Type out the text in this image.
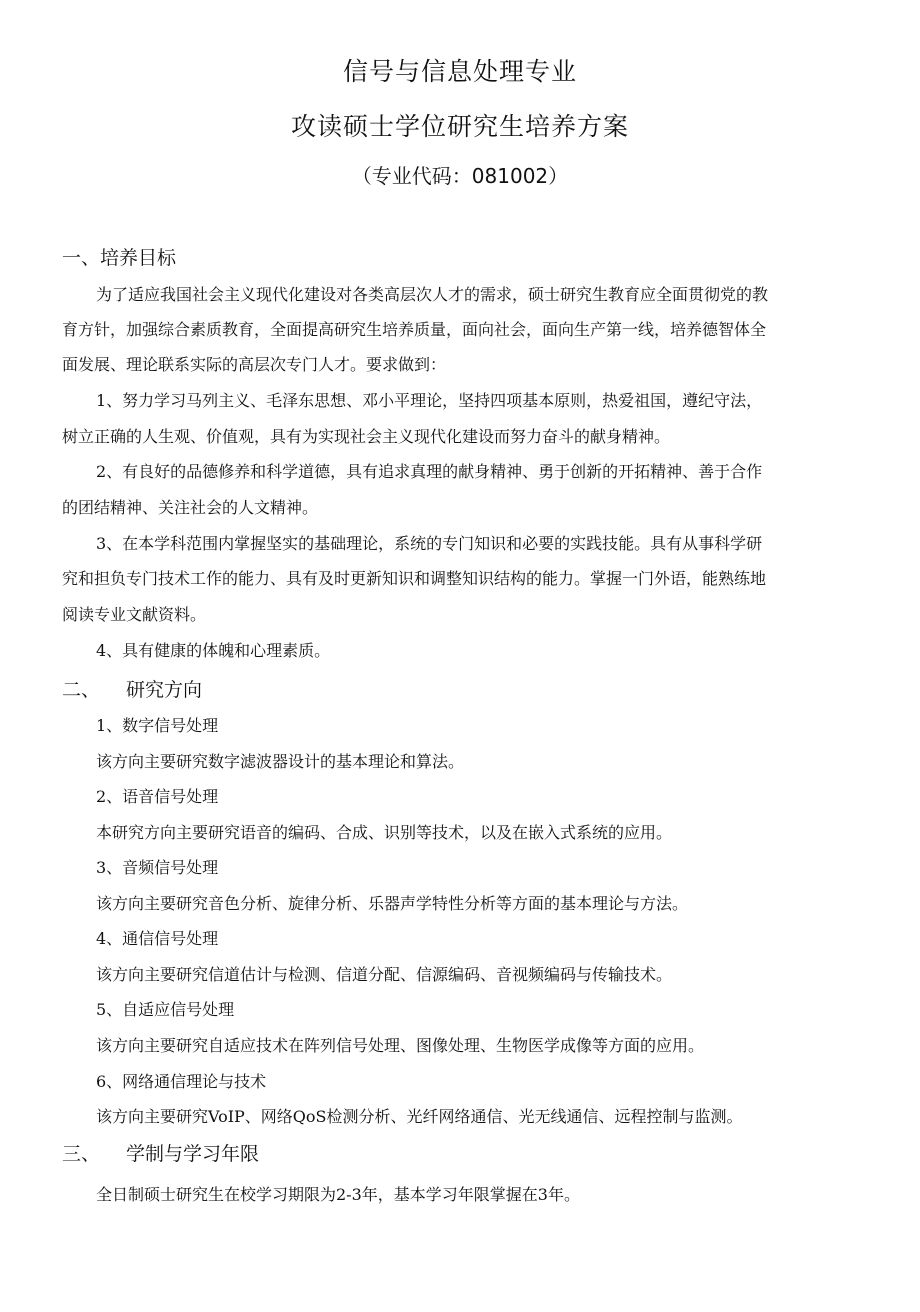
信号与信息处理专业
攻读硕士学位研究生培养方案
（专业代码：081002）
一、培养目标
为了适应我国社会主义现代化建设对各类高层次人才的需求，硕士研究生教育应全面贯彻党的教
育方针，加强综合素质教育，全面提高研究生培养质量，面向社会，面向生产第一线，培养德智体全
面发展、理论联系实际的高层次专门人才。要求做到：
1、努力学习马列主义、毛泽东思想、邓小平理论，坚持四项基本原则，热爱祖国，遵纪守法，
树立正确的人生观、价值观，具有为实现社会主义现代化建设而努力奋斗的献身精神。
2、有良好的品德修养和科学道德，具有追求真理的献身精神、勇于创新的开拓精神、善于合作
的团结精神、关注社会的人文精神。
3、在本学科范围内掌握坚实的基础理论，系统的专门知识和必要的实践技能。具有从事科学研
究和担负专门技术工作的能力、具有及时更新知识和调整知识结构的能力。掌握一门外语，能熟练地
阅读专业文献资料。
4、具有健康的体魄和心理素质。
二、 研究方向
1、数字信号处理
该方向主要研究数字滤波器设计的基本理论和算法。
2、语音信号处理
本研究方向主要研究语音的编码、合成、识别等技术，以及在嵌入式系统的应用。
3、音频信号处理
该方向主要研究音色分析、旋律分析、乐器声学特性分析等方面的基本理论与方法。
4、通信信号处理
该方向主要研究信道估计与检测、信道分配、信源编码、音视频编码与传输技术。
5、自适应信号处理
该方向主要研究自适应技术在阵列信号处理、图像处理、生物医学成像等方面的应用。
6、网络通信理论与技术
该方向主要研究VoIP、网络QoS检测分析、光纤网络通信、光无线通信、远程控制与监测。
三、 学制与学习年限
全日制硕士研究生在校学习期限为2-3年，基本学习年限掌握在3年。
